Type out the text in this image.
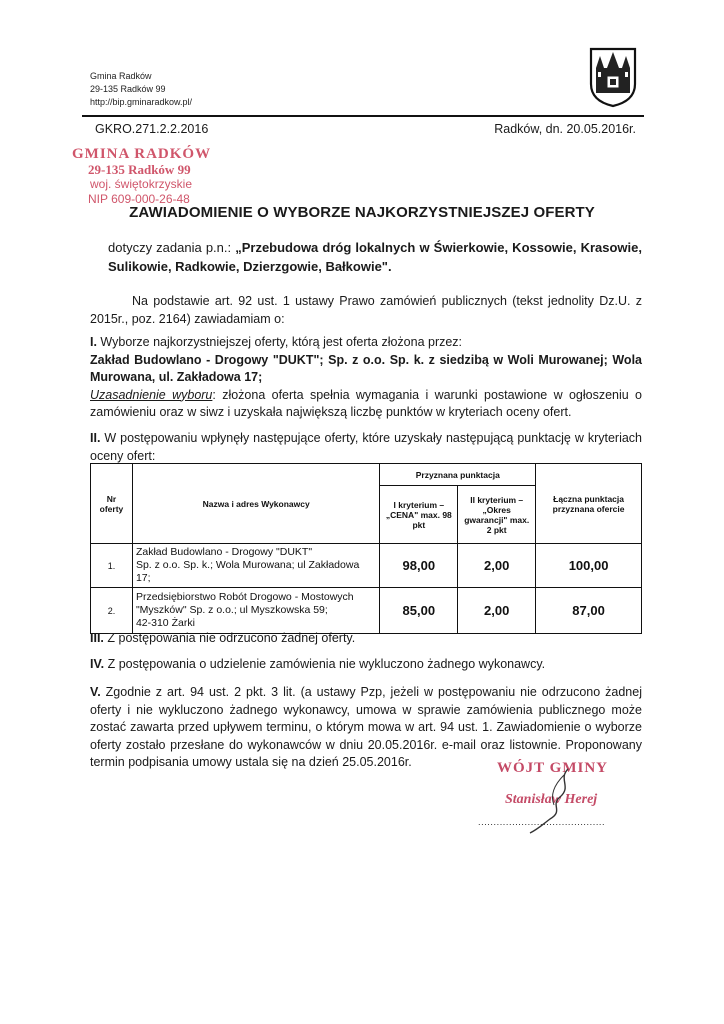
Gmina Radków
29-135 Radków 99
http://bip.gminaradkow.pl/
GKRO.271.2.2.2016	Radków, dn. 20.05.2016r.
GMINA RADKÓW
29-135 Radków 99
woj. świętokrzyskie
NIP 609-000-26-48
ZAWIADOMIENIE O WYBORZE NAJKORZYSTNIEJSZEJ OFERTY
dotyczy zadania p.n.: „Przebudowa dróg lokalnych w Świerkowie, Kossowie, Krasowie, Sulikowie, Radkowie, Dzierzgowie, Bałkowie".
Na podstawie art. 92 ust. 1 ustawy Prawo zamówień publicznych (tekst jednolity Dz.U. z 2015r., poz. 2164) zawiadamiam o:
I. Wyborze najkorzystniejszej oferty, którą jest oferta złożona przez:
Zakład Budowlano - Drogowy "DUKT"; Sp. z o.o. Sp. k. z siedzibą w Woli Murowanej; Wola Murowana, ul. Zakładowa 17;
Uzasadnienie wyboru: złożona oferta spełnia wymagania i warunki postawione w ogłoszeniu o zamówieniu oraz w siwz i uzyskała największą liczbę punktów w kryteriach oceny ofert.
II. W postępowaniu wpłynęły następujące oferty, które uzyskały następującą punktację w kryteriach oceny ofert:
Nr oferty	Nazwa i adres Wykonawcy	Przyznana punktacja		Łączna punktacja przyznana ofercie
		I kryterium – „CENA" max. 98 pkt	II kryterium – „Okres gwarancji" max. 2 pkt	
1.	Zakład Budowlano - Drogowy "DUKT"
Sp. z o.o. Sp. k.; Wola Murowana; ul Zakładowa 17;	98,00	2,00	100,00
2.	Przedsiębiorstwo Robót Drogowo - Mostowych
"Myszków" Sp. z o.o.; ul Myszkowska 59;
42-310 Żarki	85,00	2,00	87,00
III. Z postępowania nie odrzucono żadnej oferty.
IV. Z postępowania o udzielenie zamówienia nie wykluczono żadnego wykonawcy.
V. Zgodnie z art. 94 ust. 2 pkt. 3 lit. (a ustawy Pzp, jeżeli w postępowaniu nie odrzucono żadnej oferty i nie wykluczono żadnego wykonawcy, umowa w sprawie zamówienia publicznego może zostać zawarta przed upływem terminu, o którym mowa w art. 94 ust. 1. Zawiadomienie o wyborze oferty zostało przesłane do wykonawców w dniu 20.05.2016r. e-mail oraz listownie. Proponowany termin podpisania umowy ustala się na dzień 25.05.2016r.	WÓJT GMINY
Stanisław Herej
.........................................
